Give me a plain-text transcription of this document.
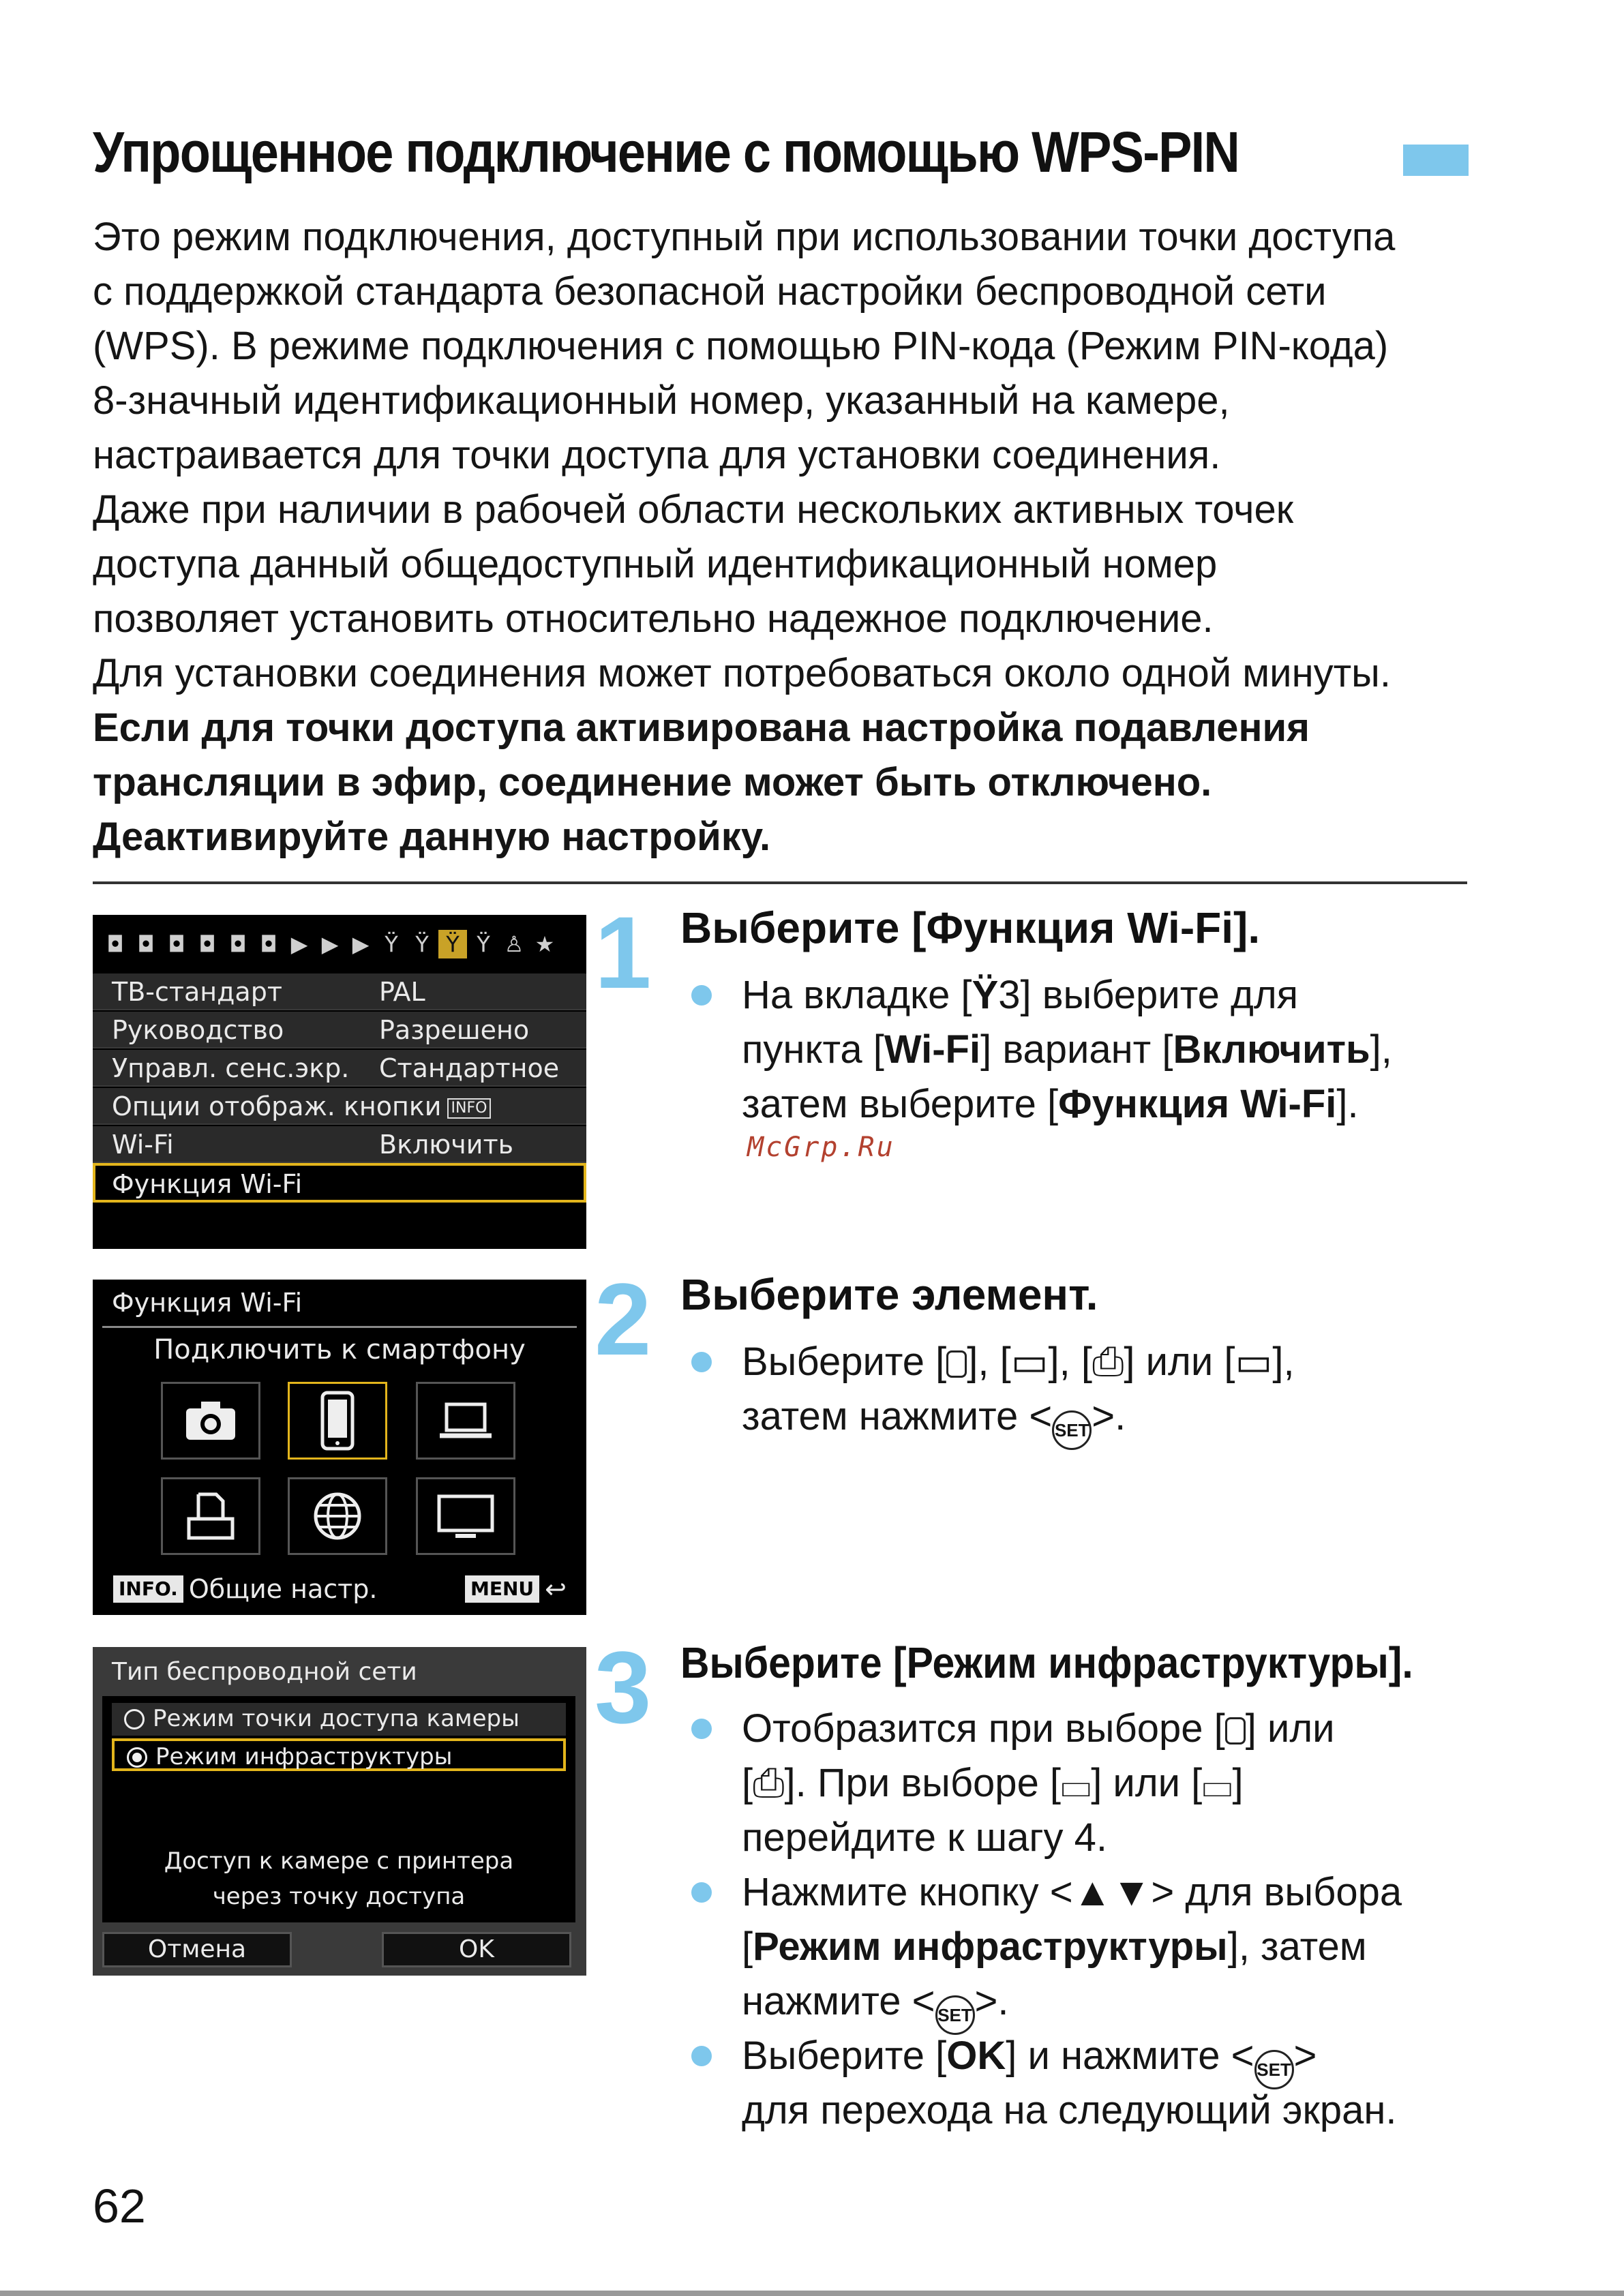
Упрощенное подключение с помощью WPS-PIN

Это режим подключения, доступный при использовании точки доступа

с поддержкой стандарта безопасной настройки беспроводной сети

(WPS). В режиме подключения с помощью PIN-кода (Режим PIN-кода)

8-значный идентификационный номер, указанный на камере,

настраивается для точки доступа для установки соединения.

Даже при наличии в рабочей области нескольких активных точек

доступа данный общедоступный идентификационный номер

позволяет установить относительно надежное подключение.

Для установки соединения может потребоваться около одной минуты.

Если для точки доступа активирована настройка подавления

трансляции в эфир, соединение может быть отключено.

Деактивируйте данную настройку.

◘ ◘ ◘ ◘ ◘ ◘ ▶ ▶ ▶ Ÿ Ÿ Ÿ Ÿ ♙ ★
ТВ-стандарт	PAL
Руководство	Разрешено
Управл. сенс.экр. Стандартное
Опции отображ. кнопки INFO
Wi-Fi	Включить
Функция Wi-Fi
Функция Wi-Fi
Подключить к смартфону
INFO. Общие настр.	MENU ↩
Тип беспроводной сети
Режим точки доступа камеры
Режим инфраструктуры
Доступ к камере с принтера
через точку доступа
Отмена	OK
1 Выберите [Функция Wi-Fi].
На вкладке [Ÿ3] выберите для
пункта [Wi-Fi] вариант [Включить],
затем выберите [Функция Wi-Fi].
McGrp.Ru
2 Выберите элемент.
Выберите [ ], [▭], [⎙] или [▭],
затем нажмите < SET>.
3 Выберите [Режим инфраструктуры].
Отобразится при выборе [ ] или
[⎙]. При выборе [▭] или [▭]
перейдите к шагу 4.
Нажмите кнопку <▲▼> для выбора
[Режим инфраструктуры], затем
нажмите < SET>.
Выберите [OK] и нажмите < SET>
для перехода на следующий экран.
62
